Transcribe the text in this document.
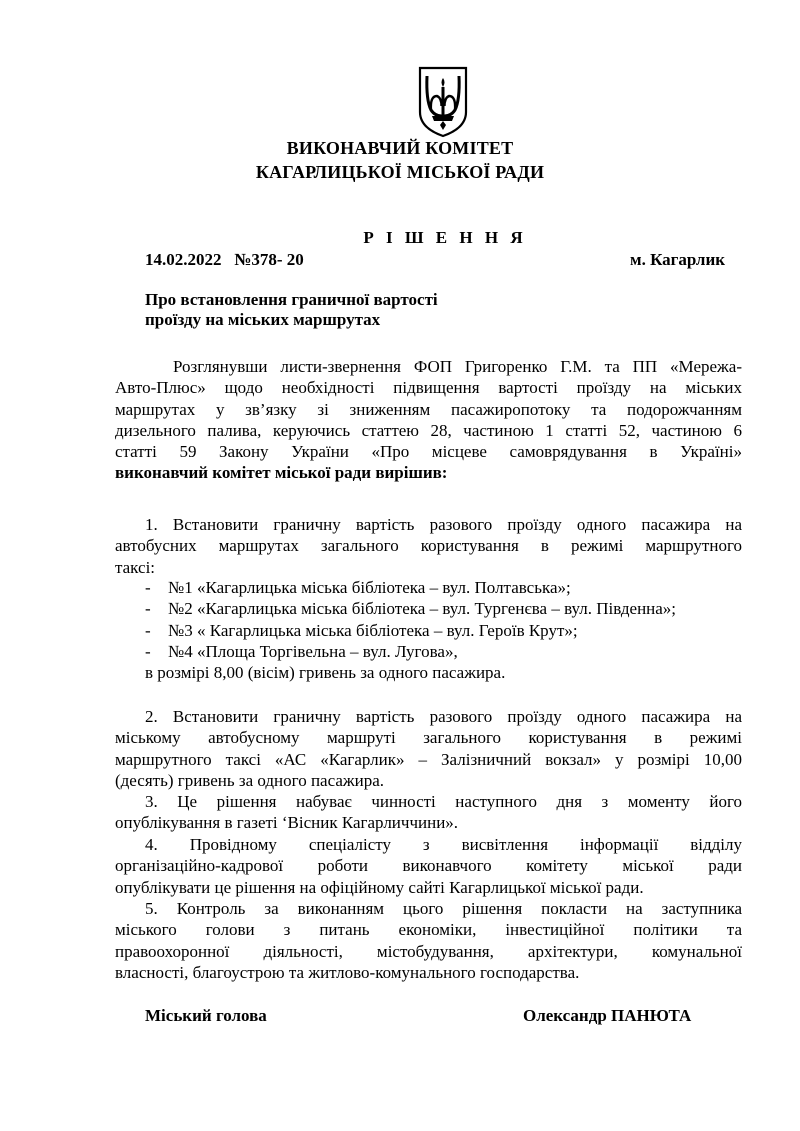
ВИКОНАВЧИЙ КОМІТЕТ
КАГАРЛИЦЬКОЇ МІСЬКОЇ РАДИ
Р І Ш Е Н Н Я
14.02.2022   №378- 20	м. Кагарлик
Про встановлення граничної вартості
проїзду на міських маршрутах
Розглянувши листи-звернення ФОП Григоренко Г.М. та ПП «Мережа-
Авто-Плюс» щодо необхідності підвищення вартості проїзду на міських
маршрутах у зв’язку зі зниженням пасажиропотоку та подорожчанням
дизельного палива, керуючись статтею 28, частиною 1 статті 52, частиною 6
статті 59 Закону України «Про місцеве самоврядування в Україні»
виконавчий комітет міської ради вирішив:
1. Встановити граничну вартість разового проїзду одного пасажира на
автобусних маршрутах загального користування в режимі маршрутного
таксі:
- №1 «Кагарлицька міська бібліотека – вул. Полтавська»;
- №2 «Кагарлицька міська бібліотека – вул. Тургенєва – вул. Південна»;
- №3 « Кагарлицька міська бібліотека – вул. Героїв Крут»;
- №4 «Площа Торгівельна – вул. Лугова»,
в розмірі 8,00 (вісім) гривень за одного пасажира.
2. Встановити граничну вартість разового проїзду одного пасажира на
міському автобусному маршруті загального користування в режимі
маршрутного таксі «АС «Кагарлик» – Залізничний вокзал» у розмірі 10,00
(десять) гривень за одного пасажира.
3. Це рішення набуває чинності наступного дня з моменту його
опублікування в газеті ‘Вісник Кагарличчини».
4. Провідному спеціалісту з висвітлення інформації відділу
організаційно-кадрової роботи виконавчого комітету міської ради
опублікувати це рішення на офіційному сайті Кагарлицької міської ради.
5. Контроль за виконанням цього рішення покласти на заступника
міського голови з питань економіки, інвестиційної політики та
правоохоронної діяльності, містобудування, архітектури, комунальної
власності, благоустрою та житлово-комунального господарства.
Міський голова	Олександр ПАНЮТА
